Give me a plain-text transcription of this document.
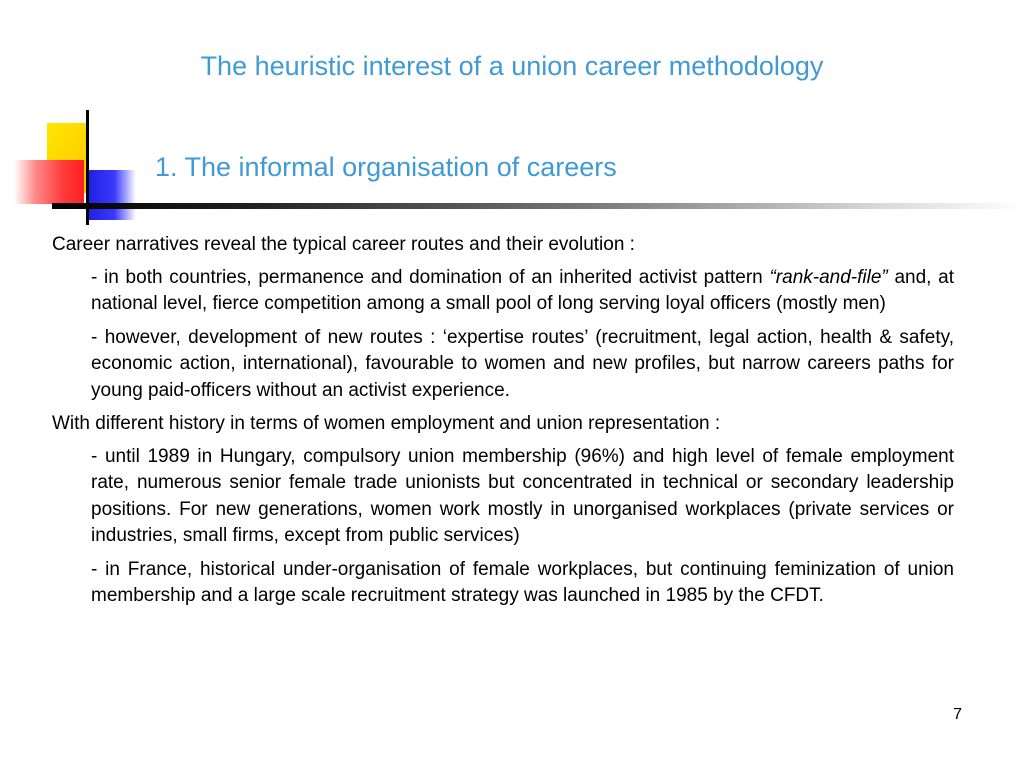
The heuristic interest of a union career methodology
1. The informal organisation of careers

Career narratives reveal the typical career routes and their evolution :

- in both countries, permanence and domination of an inherited activist pattern “rank-and-file” and, at national level, fierce competition among a small pool of long serving loyal officers (mostly men)

- however, development of new routes : ‘expertise routes’ (recruitment, legal action, health & safety, economic action, international), favourable to women and new profiles, but narrow careers paths for young paid-officers without an activist experience.

With different history in terms of women employment and union representation :

- until 1989 in Hungary, compulsory union membership (96%) and high level of female employment rate, numerous senior female trade unionists but concentrated in technical or secondary leadership positions. For new generations, women work mostly in unorganised workplaces (private services or industries, small firms, except from public services)

- in France, historical under-organisation of female workplaces, but continuing feminization of union membership and a large scale recruitment strategy was launched in 1985 by the CFDT.

7
